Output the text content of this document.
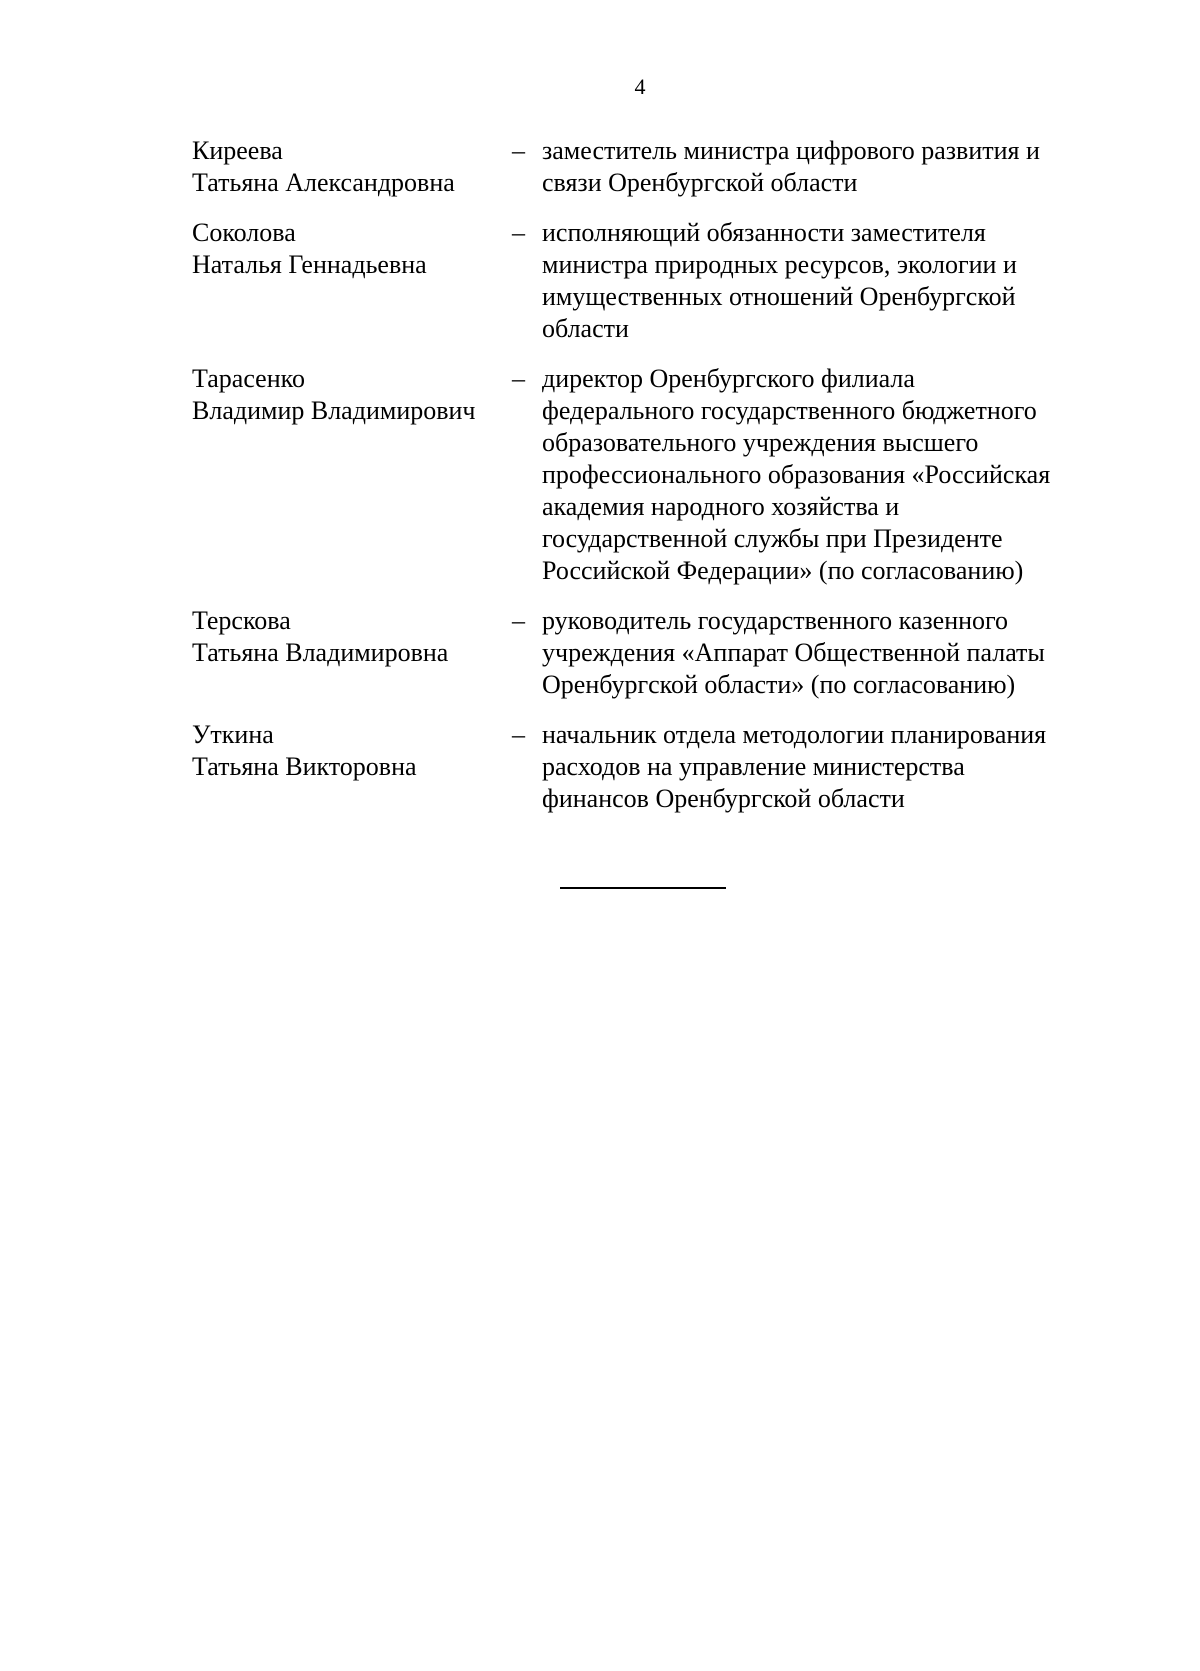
4
Киреева
Татьяна Александровна
– заместитель министра цифрового развития и
связи Оренбургской области
Соколова
Наталья Геннадьевна
– исполняющий обязанности заместителя
министра природных ресурсов, экологии и
имущественных отношений Оренбургской
области
Тарасенко
Владимир Владимирович
– директор Оренбургского филиала
федерального государственного бюджетного
образовательного учреждения высшего
профессионального образования «Российская
академия народного хозяйства и
государственной службы при Президенте
Российской Федерации» (по согласованию)
Терскова
Татьяна Владимировна
– руководитель государственного казенного
учреждения «Аппарат Общественной палаты
Оренбургской области» (по согласованию)
Уткина
Татьяна Викторовна
– начальник отдела методологии планирования
расходов на управление министерства
финансов Оренбургской области
